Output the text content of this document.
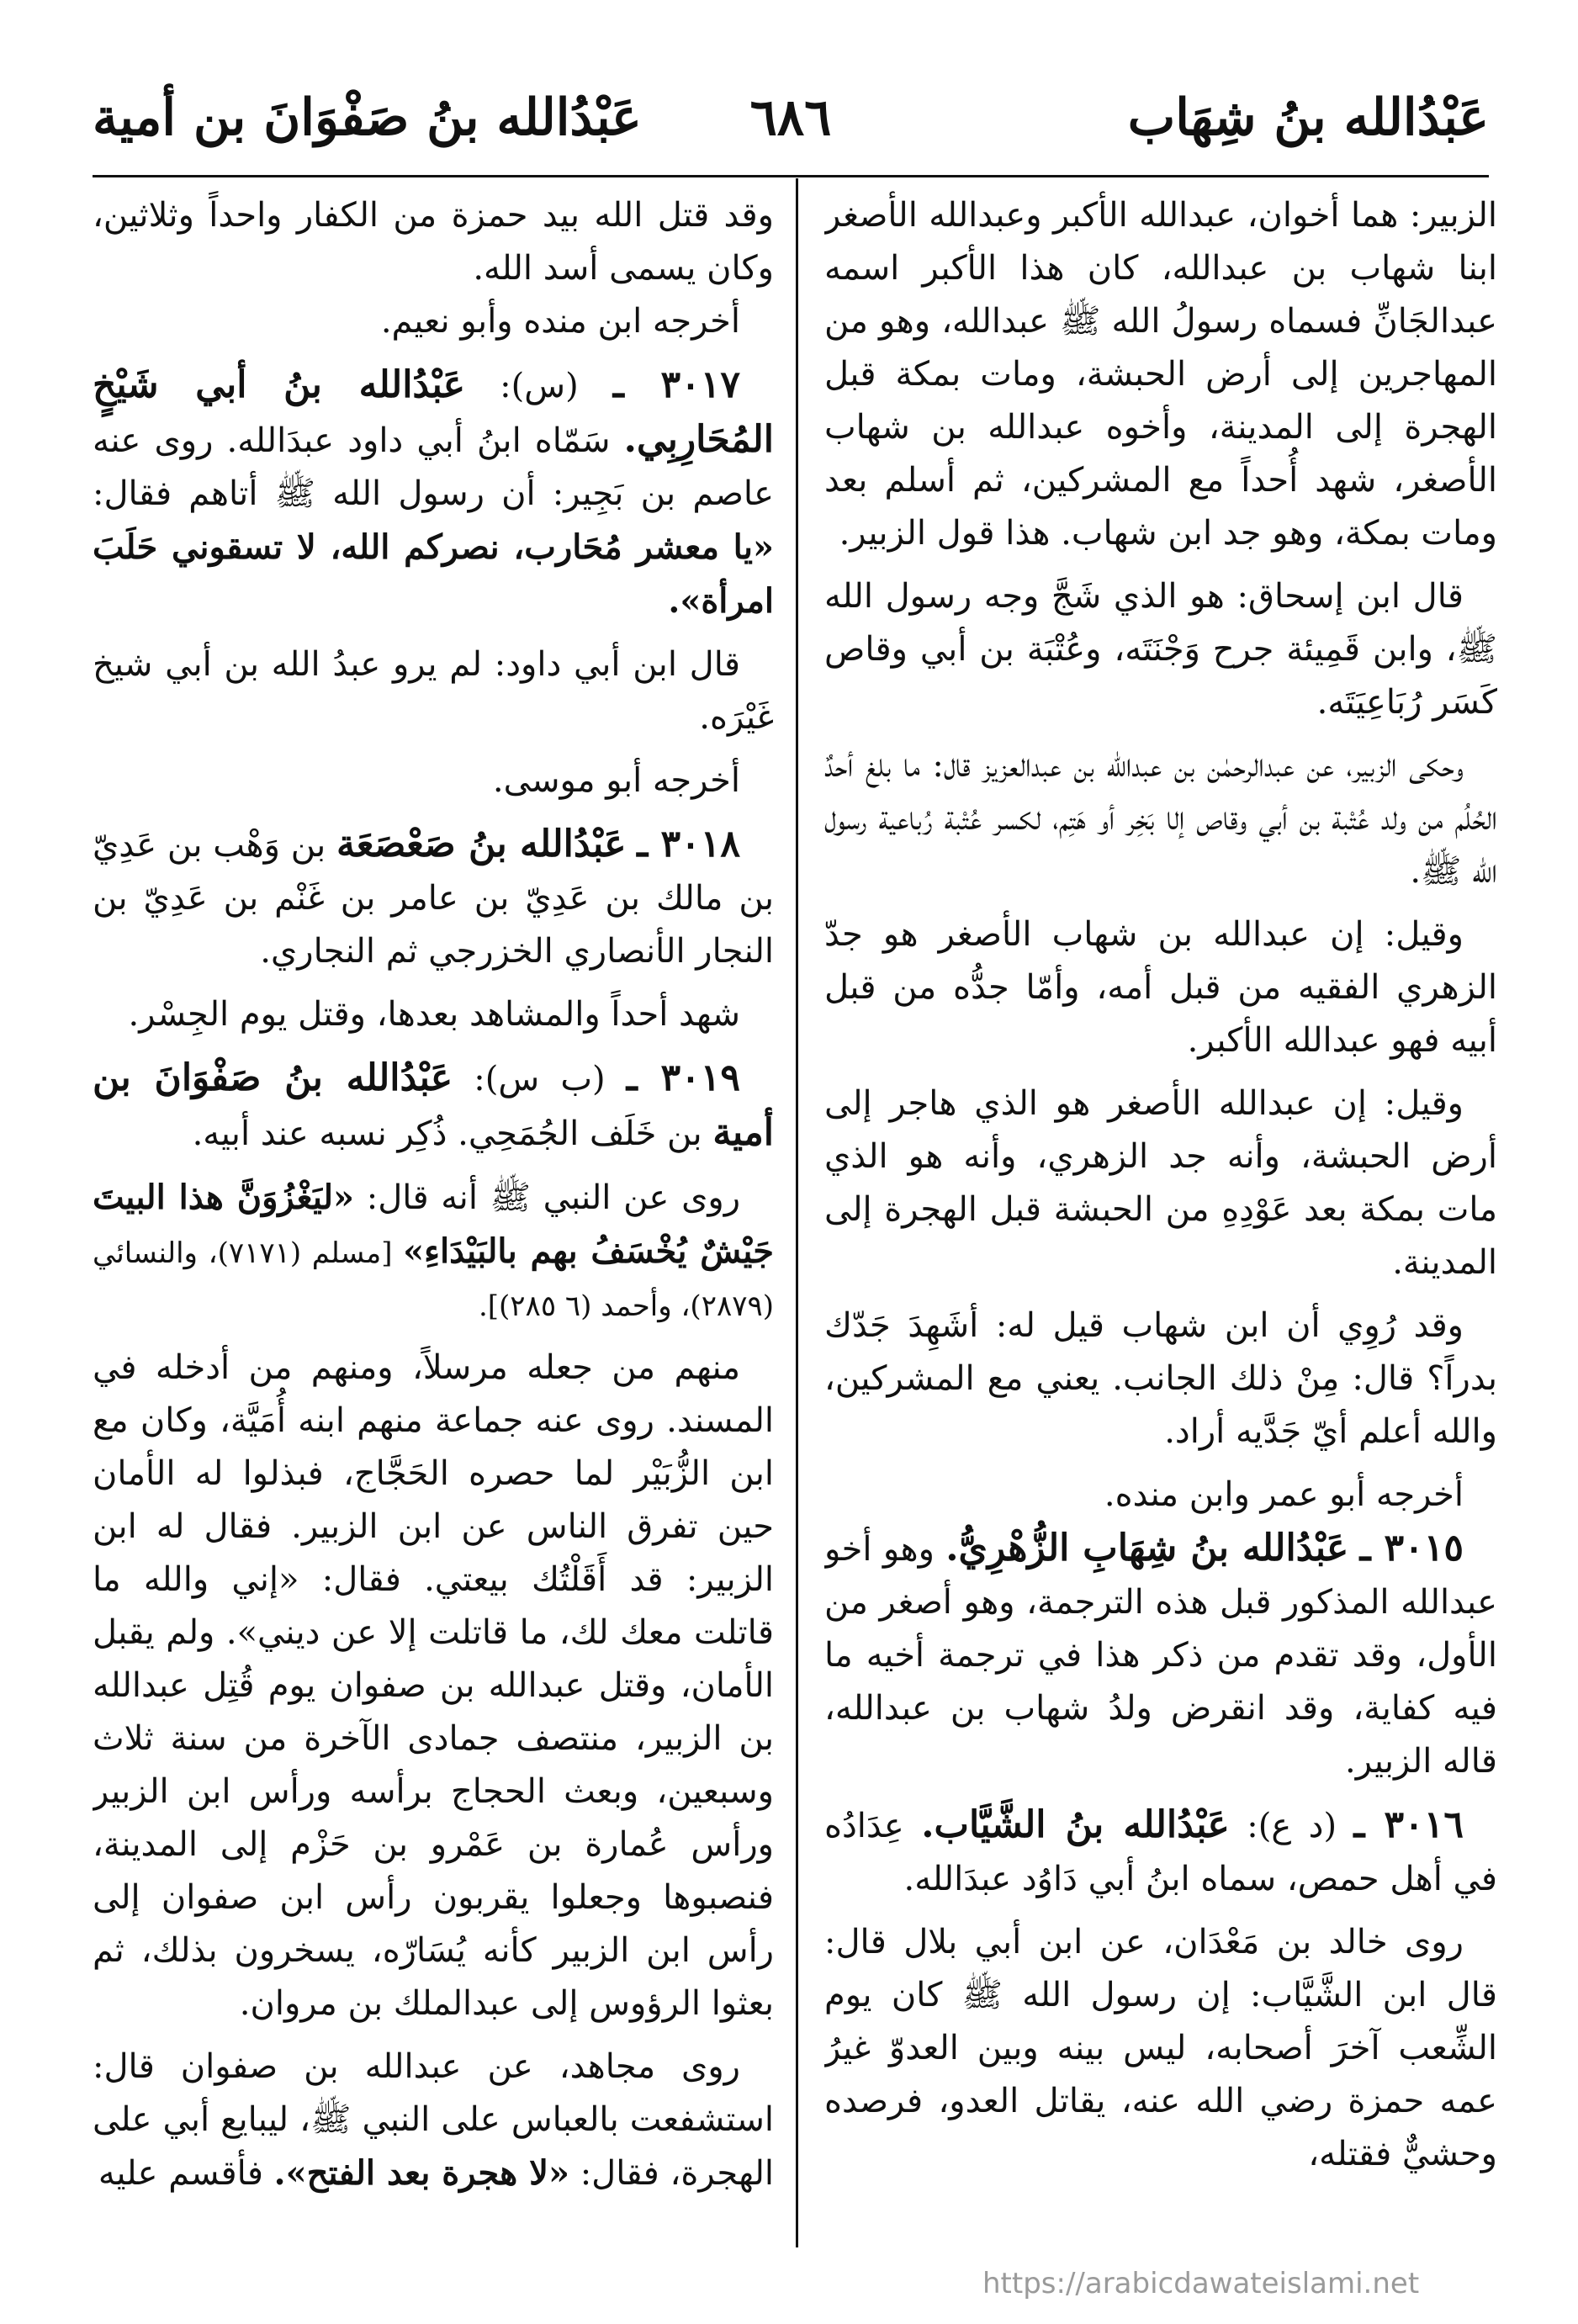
عَبْدُالله بنُ شِهَاب
٦٨٦
عَبْدُالله بنُ صَفْوَانَ بن أمية

الزبير: هما أخوان، عبدالله الأكبر وعبدالله الأصغر ابنا شهاب بن عبدالله، كان هذا الأكبر اسمه عبدالجَانِّ فسماه رسولُ الله ﷺ عبدالله، وهو من المهاجرين إلى أرض الحبشة، ومات بمكة قبل الهجرة إلى المدينة، وأخوه عبدالله بن شهاب الأصغر، شهد أُحداً مع المشركين، ثم أسلم بعد ومات بمكة، وهو جد ابن شهاب. هذا قول الزبير.

قال ابن إسحاق: هو الذي شَجَّ وجه رسول الله ﷺ، وابن قَمِيئة جرح وَجْنَتَه، وعُتْبَة بن أبي وقاص كَسَر رُبَاعِيَتَه.

وحكى الزبير، عن عبدالرحمٰن بن عبدالله بن عبدالعزيز قال: ما بلغ أحدٌ الحُلُم من ولد عُتْبة بن أبي وقاص إلا بَخِر أو هَتِم، لكسر عُتْبة رُباعية رسول الله ﷺ.

وقيل: إن عبدالله بن شهاب الأصغر هو جدّ الزهري الفقيه من قبل أمه، وأمّا جدُّه من قبل أبيه فهو عبدالله الأكبر.

وقيل: إن عبدالله الأصغر هو الذي هاجر إلى أرض الحبشة، وأنه جد الزهري، وأنه هو الذي مات بمكة بعد عَوْدِهِ من الحبشة قبل الهجرة إلى المدينة.

وقد رُوِي أن ابن شهاب قيل له: أشَهِدَ جَدّك بدراً؟ قال: مِنْ ذلك الجانب. يعني مع المشركين، والله أعلم أيّ جَدَّيه أراد.

أخرجه أبو عمر وابن منده.

٣٠١٥ ـ عَبْدُالله بنُ شِهَابِ الزُّهْرِيُّ. وهو أخو عبدالله المذكور قبل هذه الترجمة، وهو أصغر من الأول، وقد تقدم من ذكر هذا في ترجمة أخيه ما فيه كفاية، وقد انقرض ولدُ شهاب بن عبدالله، قاله الزبير.

٣٠١٦ ـ (د ع): عَبْدُالله بنُ الشَّيَّاب. عِدَادُه في أهل حمص، سماه ابنُ أبي دَاوُد عبدَالله.

روى خالد بن مَعْدَان، عن ابن أبي بلال قال: قال ابن الشَّيَّاب: إن رسول الله ﷺ كان يوم الشِّعب آخرَ أصحابه، ليس بينه وبين العدوّ غيرُ عمه حمزة رضي الله عنه، يقاتل العدو، فرصده وحشيٌّ فقتله،

وقد قتل الله بيد حمزة من الكفار واحداً وثلاثين، وكان يسمى أسد الله.

أخرجه ابن منده وأبو نعيم.

٣٠١٧ ـ (س): عَبْدُالله بنُ أبي شَيْخٍ المُحَارِبِي. سَمّاه ابنُ أبي داود عبدَالله. روى عنه عاصم بن بَجِير: أن رسول الله ﷺ أتاهم فقال: «يا معشر مُحَارب، نصركم الله، لا تسقوني حَلَبَ امرأة».

قال ابن أبي داود: لم يرو عبدُ الله بن أبي شيخ غَيْرَه.

أخرجه أبو موسى.

٣٠١٨ ـ عَبْدُالله بنُ صَعْصَعَة بن وَهْب بن عَدِيّ بن مالك بن عَدِيّ بن عامر بن غَنْم بن عَدِيّ بن النجار الأنصاري الخزرجي ثم النجاري.

شهد أحداً والمشاهد بعدها، وقتل يوم الجِسْر.

٣٠١٩ ـ (ب س): عَبْدُالله بنُ صَفْوَانَ بن أمية بن خَلَف الجُمَحِي. ذُكِر نسبه عند أبيه.

روى عن النبي ﷺ أنه قال: «ليَغْزُوَنَّ هذا البيتَ جَيْشٌ يُخْسَفُ بهم بالبَيْدَاءِ» [مسلم (٧١٧١)، والنسائي (٢٨٧٩)، وأحمد (٦ ٢٨٥)].

منهم من جعله مرسلاً، ومنهم من أدخله في المسند. روى عنه جماعة منهم ابنه أُمَيَّة، وكان مع ابن الزُّبَيْر لما حصره الحَجَّاج، فبذلوا له الأمان حين تفرق الناس عن ابن الزبير. فقال له ابن الزبير: قد أَقَلْتُك بيعتي. فقال: «إني والله ما قاتلت معك لك، ما قاتلت إلا عن ديني». ولم يقبل الأمان، وقتل عبدالله بن صفوان يوم قُتِل عبدالله بن الزبير، منتصف جمادى الآخرة من سنة ثلاث وسبعين، وبعث الحجاج برأسه ورأس ابن الزبير ورأس عُمارة بن عَمْرو بن حَزْم إلى المدينة، فنصبوها وجعلوا يقربون رأس ابن صفوان إلى رأس ابن الزبير كأنه يُسَارّه، يسخرون بذلك، ثم بعثوا الرؤوس إلى عبدالملك بن مروان.

روى مجاهد، عن عبدالله بن صفوان قال: استشفعت بالعباس على النبي ﷺ، ليبايع أبي على الهجرة، فقال: «لا هجرة بعد الفتح». فأقسم عليه

https://arabicdawateislami.net
